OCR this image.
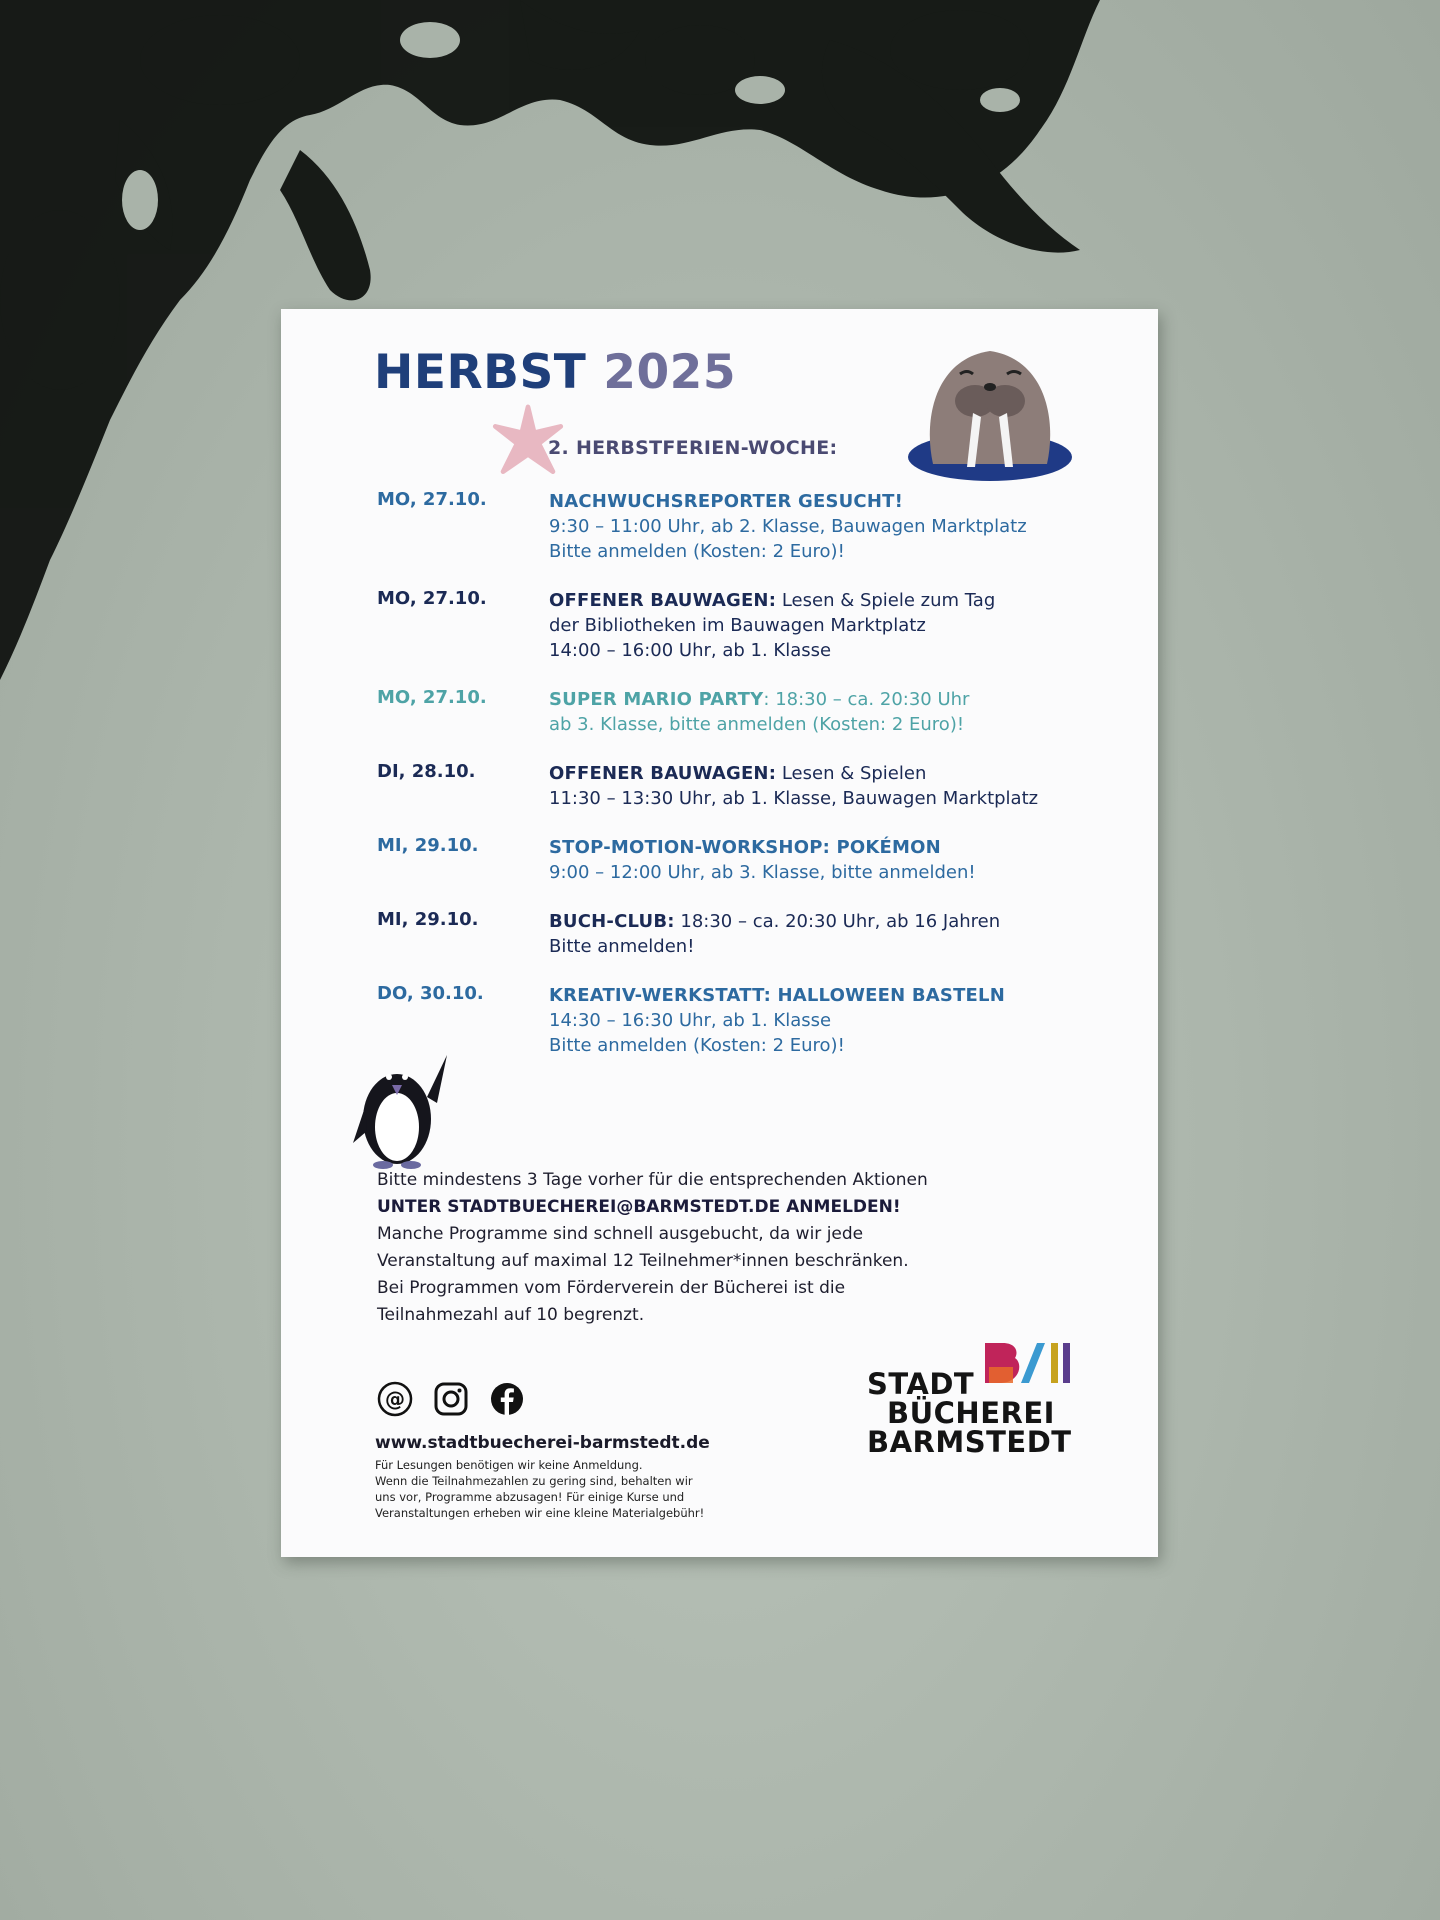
HERBST 2025
2. HERBSTFERIEN-WOCHE:
MO, 27.10.	NACHWUCHSREPORTER GESUCHT!
9:30 – 11:00 Uhr, ab 2. Klasse, Bauwagen Marktplatz
Bitte anmelden (Kosten: 2 Euro)!
MO, 27.10.	OFFENER BAUWAGEN: Lesen & Spiele zum Tag
der Bibliotheken im Bauwagen Marktplatz
14:00 – 16:00 Uhr, ab 1. Klasse
MO, 27.10.	SUPER MARIO PARTY: 18:30 – ca. 20:30 Uhr
ab 3. Klasse, bitte anmelden (Kosten: 2 Euro)!
DI, 28.10.	OFFENER BAUWAGEN: Lesen & Spielen
11:30 – 13:30 Uhr, ab 1. Klasse, Bauwagen Marktplatz
MI, 29.10.	STOP-MOTION-WORKSHOP: POKÉMON
9:00 – 12:00 Uhr, ab 3. Klasse, bitte anmelden!
MI, 29.10.	BUCH-CLUB: 18:30 – ca. 20:30 Uhr, ab 16 Jahren
Bitte anmelden!
DO, 30.10.	KREATIV-WERKSTATT: HALLOWEEN BASTELN
14:30 – 16:30 Uhr, ab 1. Klasse
Bitte anmelden (Kosten: 2 Euro)!
Bitte mindestens 3 Tage vorher für die entsprechenden Aktionen
UNTER STADTBUECHEREI@BARMSTEDT.DE ANMELDEN!
Manche Programme sind schnell ausgebucht, da wir jede
Veranstaltung auf maximal 12 Teilnehmer*innen beschränken.
Bei Programmen vom Förderverein der Bücherei ist die
Teilnahmezahl auf 10 begrenzt.
@
www.stadtbuecherei-barmstedt.de
Für Lesungen benötigen wir keine Anmeldung.
Wenn die Teilnahmezahlen zu gering sind, behalten wir
uns vor, Programme abzusagen! Für einige Kurse und
Veranstaltungen erheben wir eine kleine Materialgebühr!
STADT
BÜCHEREI
BARMSTEDT
